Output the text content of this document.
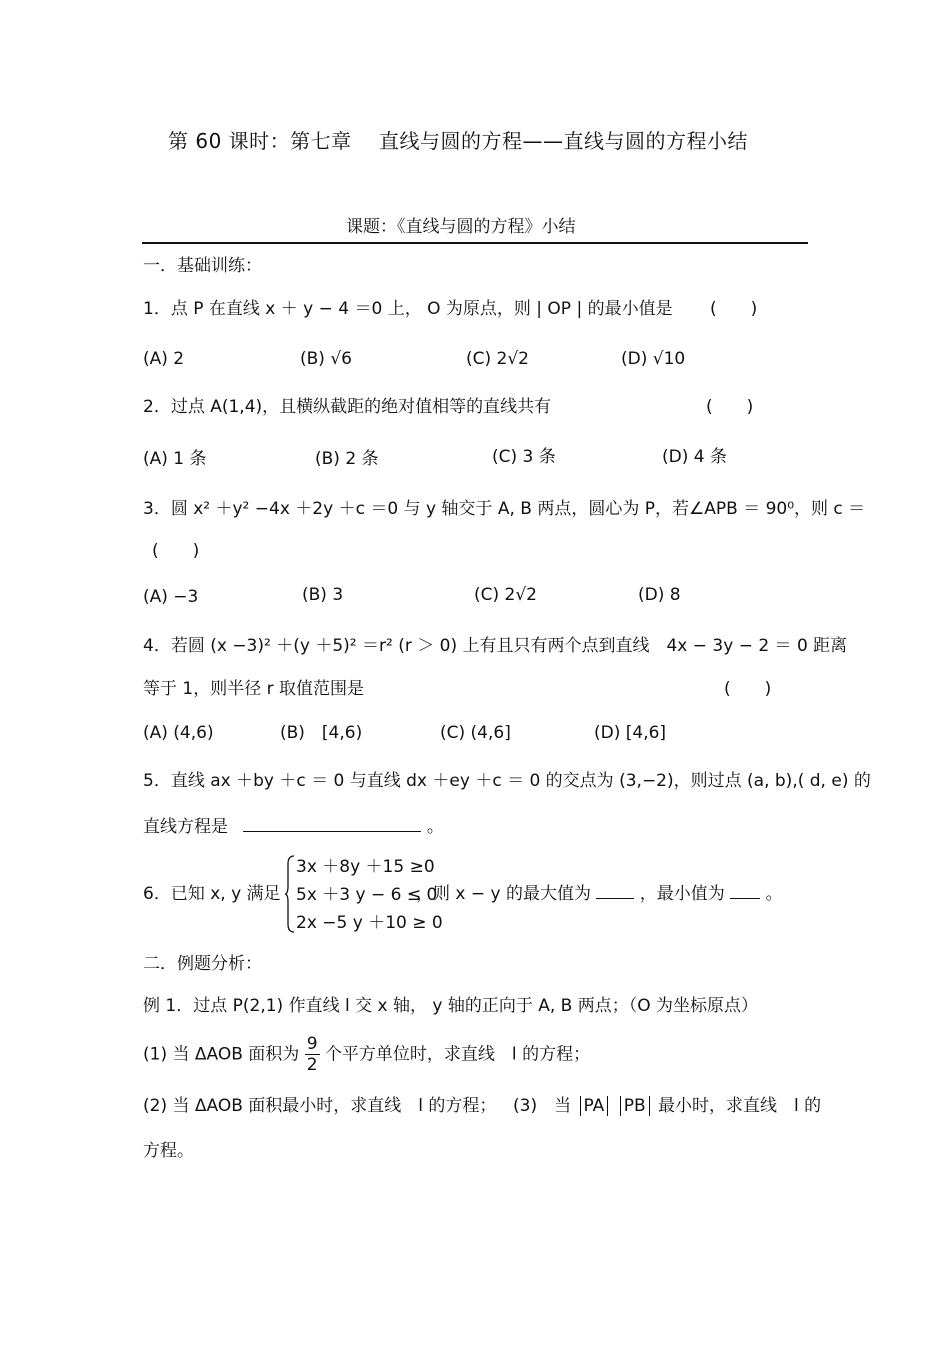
第 60 课时：第七章　 直线与圆的方程——直线与圆的方程小结
课题：《直线与圆的方程》小结
一．基础训练：
1．点 P 在直线 x ＋ y − 4 ＝0 上， O 为原点，则 | OP | 的最小值是 (　　)
(A) 2	(B) √6	(C) 2√2	(D) √10
2．过点 A(1,4)，且横纵截距的绝对值相等的直线共有	(　　)
(A) 1 条	(B) 2 条	(C) 3 条	(D) 4 条
3．圆 x² ＋y² −4x ＋2y ＋c ＝0 与 y 轴交于 A, B 两点，圆心为 P，若∠APB ＝ 90⁰，则 c ＝
(　　)
(A) −3	(B) 3	(C) 2√2	(D) 8
4．若圆 (x −3)² ＋(y ＋5)² ＝r² (r ＞ 0) 上有且只有两个点到直线　4x − 3y − 2 ＝ 0 距离
等于 1，则半径 r 取值范围是	(　　)
(A) (4,6)	(B)　[4,6)	(C) (4,6]	(D) [4,6]
5．直线 ax ＋by ＋c ＝ 0 与直线 dx ＋ey ＋c ＝ 0 的交点为 (3,−2)，则过点 (a, b),( d, e) 的
直线方程是	。
6．已知 x, y 满足
3x ＋8y ＋15 ≥0
5x ＋3 y − 6 ≤ 0
2x −5 y ＋10 ≥ 0
，则 x − y 的最大值为	，最小值为 。
二．例题分析：
例 1．过点 P(2,1) 作直线 l 交 x 轴， y 轴的正向于 A, B 两点；（O 为坐标原点）
(1) 当 ΔAOB 面积为 $\frac{9}{2}$ 个平方单位时，求直线　l 的方程；
(2) 当 ΔAOB 面积最小时，求直线　l 的方程； (3)　当 PA PB 最小时，求直线　l 的
方程。
